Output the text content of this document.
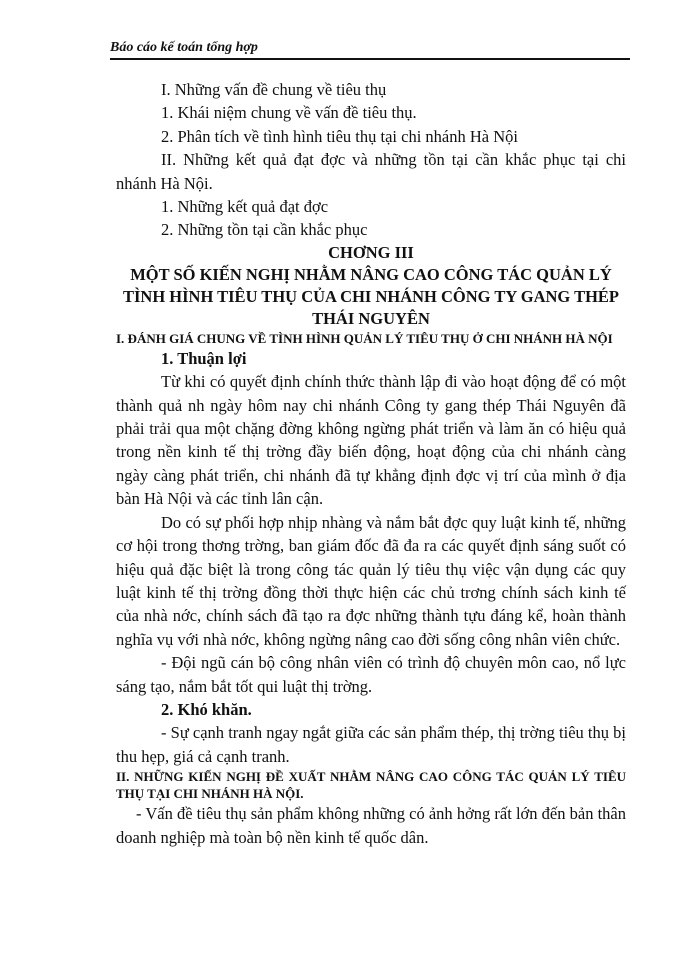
Báo cáo kế toán tổng hợp

I. Những vấn đề chung về tiêu thụ

1. Khái niệm chung về vấn đề tiêu thụ.

2. Phân tích về tình hình tiêu thụ tại chi nhánh Hà Nội

II. Những kết quả đạt đợc và những tồn tại cần khắc phục tại chi nhánh Hà Nội.

1. Những kết quả đạt đợc

2. Những tồn tại cần khắc phục

CHƠNG III

MỘT SỐ KIẾN NGHỊ NHẰM NÂNG CAO CÔNG TÁC QUẢN LÝ TÌNH HÌNH TIÊU THỤ CỦA CHI NHÁNH CÔNG TY GANG THÉP THÁI NGUYÊN

I. ĐÁNH GIÁ CHUNG VỀ TÌNH HÌNH QUẢN LÝ TIÊU THỤ Ở CHI NHÁNH HÀ NỘI

1. Thuận lợi

Từ khi có quyết định chính thức thành lập đi vào hoạt động để có một thành quả nh ngày hôm nay chi nhánh Công ty gang thép Thái Nguyên đã phải trải qua một chặng đờng không ngừng phát triển và làm ăn có hiệu quả trong nền kinh tế thị trờng đầy biến động, hoạt động của chi nhánh càng ngày càng phát triển, chi nhánh đã tự khẳng định đợc vị trí của mình ở địa bàn Hà Nội và các tỉnh lân cận.

Do có sự phối hợp nhịp nhàng và nắm bắt đợc quy luật kinh tế, những cơ hội trong thơng trờng, ban giám đốc đã đa ra các quyết định sáng suốt có hiệu quả đặc biệt là trong công tác quản lý tiêu thụ việc vận dụng các quy luật kinh tế thị trờng đồng thời thực hiện các chủ trơng chính sách kinh tế của nhà nớc, chính sách đã tạo ra đợc những thành tựu đáng kể, hoàn thành nghĩa vụ với nhà nớc, không ngừng nâng cao đời sống công nhân viên chức.

- Đội ngũ cán bộ công nhân viên có trình độ chuyên môn cao, nổ lực sáng tạo, nắm bắt tốt qui luật thị trờng.

2. Khó khăn.

- Sự cạnh tranh ngay ngắt giữa các sản phẩm thép, thị trờng tiêu thụ bị thu hẹp, giá cả cạnh tranh.

II. NHỮNG KIẾN NGHỊ ĐỀ XUẤT NHẰM NÂNG CAO CÔNG TÁC QUẢN LÝ TIÊU THỤ TẠI CHI NHÁNH HÀ NỘI.

- Vấn đề tiêu thụ sản phẩm không những có ảnh hởng rất lớn đến bản thân doanh nghiệp mà toàn bộ nền kinh tế quốc dân.
